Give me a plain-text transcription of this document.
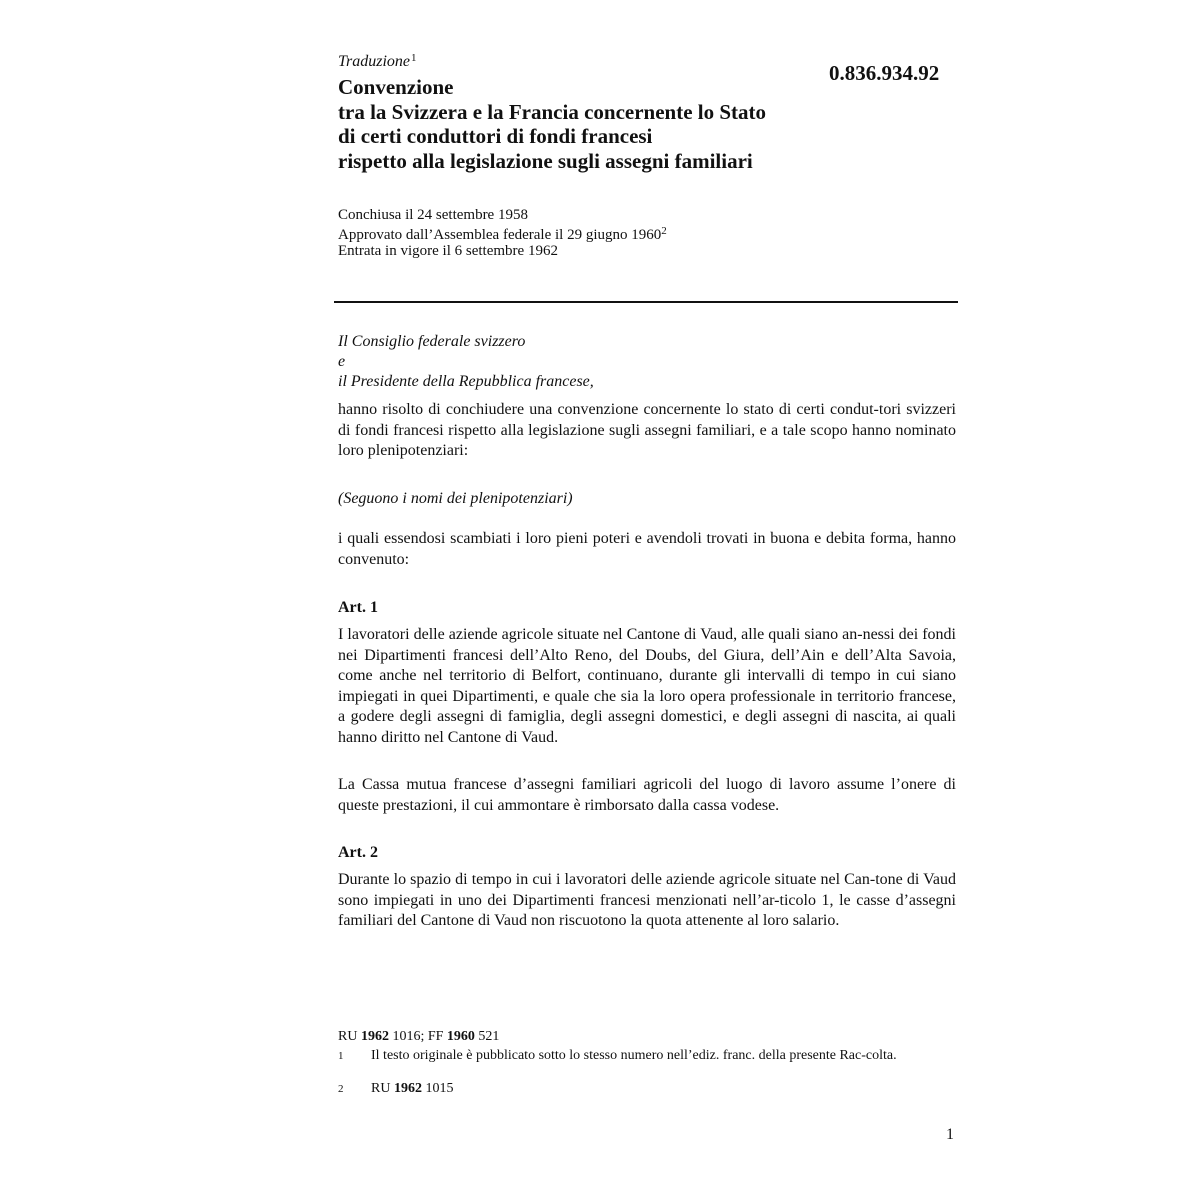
Traduzione$^1$
0.836.934.92
Convenzione
tra la Svizzera e la Francia concernente lo Stato
di certi conduttori di fondi francesi
rispetto alla legislazione sugli assegni familiari
Conchiusa il 24 settembre 1958
Approvato dall’Assemblea federale il 29 giugno 1960$^2$
Entrata in vigore il 6 settembre 1962
Il Consiglio federale svizzero
e
il Presidente della Repubblica francese,
hanno risolto di conchiudere una convenzione concernente lo stato di certi condut-tori svizzeri di fondi francesi rispetto alla legislazione sugli assegni familiari, e a tale scopo hanno nominato loro plenipotenziari:
(Seguono i nomi dei plenipotenziari)
i quali essendosi scambiati i loro pieni poteri e avendoli trovati in buona e debita forma, hanno convenuto:
Art. 1
I lavoratori delle aziende agricole situate nel Cantone di Vaud, alle quali siano an-nessi dei fondi nei Dipartimenti francesi dell’Alto Reno, del Doubs, del Giura, dell’Ain e dell’Alta Savoia, come anche nel territorio di Belfort, continuano, durante gli intervalli di tempo in cui siano impiegati in quei Dipartimenti, e quale che sia la loro opera professionale in territorio francese, a godere degli assegni di famiglia, degli assegni domestici, e degli assegni di nascita, ai quali hanno diritto nel Cantone di Vaud.
La Cassa mutua francese d’assegni familiari agricoli del luogo di lavoro assume l’onere di queste prestazioni, il cui ammontare è rimborsato dalla cassa vodese.
Art. 2
Durante lo spazio di tempo in cui i lavoratori delle aziende agricole situate nel Can-tone di Vaud sono impiegati in uno dei Dipartimenti francesi menzionati nell’ar-ticolo 1, le casse d’assegni familiari del Cantone di Vaud non riscuotono la quota attenente al loro salario.
RU 1962 1016; FF 1960 521
1 Il testo originale è pubblicato sotto lo stesso numero nell’ediz. franc. della presente Rac-colta.
2 RU 1962 1015
1
